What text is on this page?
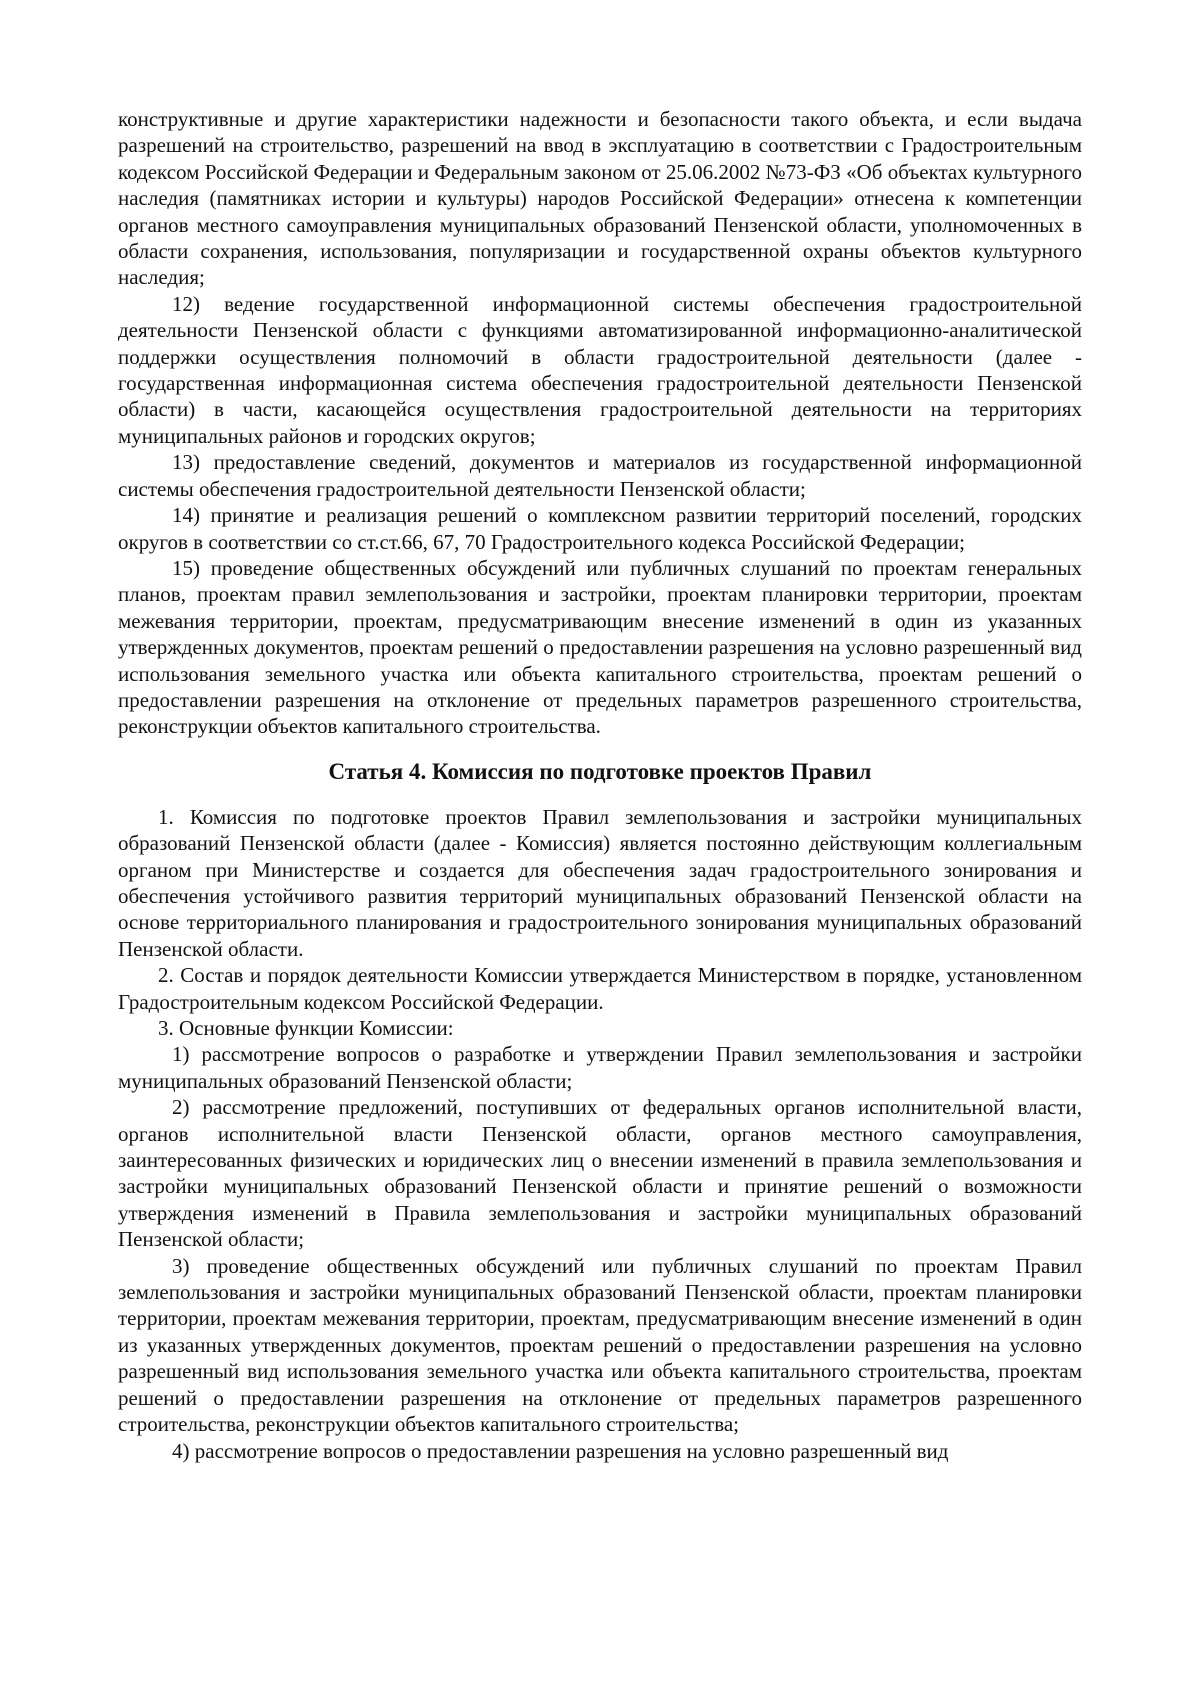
конструктивные и другие характеристики надежности и безопасности такого объекта, и если выдача разрешений на строительство, разрешений на ввод в эксплуатацию в соответствии с Градостроительным кодексом Российской Федерации и Федеральным законом от 25.06.2002 №73-ФЗ «Об объектах культурного наследия (памятниках истории и культуры) народов Российской Федерации» отнесена к компетенции органов местного самоуправления муниципальных образований Пензенской области, уполномоченных в области сохранения, использования, популяризации и государственной охраны объектов культурного наследия;

12) ведение государственной информационной системы обеспечения градостроительной деятельности Пензенской области с функциями автоматизированной информационно-аналитической поддержки осуществления полномочий в области градостроительной деятельности (далее - государственная информационная система обеспечения градостроительной деятельности Пензенской области) в части, касающейся осуществления градостроительной деятельности на территориях муниципальных районов и городских округов;

13) предоставление сведений, документов и материалов из государственной информационной системы обеспечения градостроительной деятельности Пензенской области;

14) принятие и реализация решений о комплексном развитии территорий поселений, городских округов в соответствии со ст.ст.66, 67, 70 Градостроительного кодекса Российской Федерации;

15) проведение общественных обсуждений или публичных слушаний по проектам генеральных планов, проектам правил землепользования и застройки, проектам планировки территории, проектам межевания территории, проектам, предусматривающим внесение изменений в один из указанных утвержденных документов, проектам решений о предоставлении разрешения на условно разрешенный вид использования земельного участка или объекта капитального строительства, проектам решений о предоставлении разрешения на отклонение от предельных параметров разрешенного строительства, реконструкции объектов капитального строительства.

Статья 4. Комиссия по подготовке проектов Правил

1. Комиссия по подготовке проектов Правил землепользования и застройки муниципальных образований Пензенской области (далее - Комиссия) является постоянно действующим коллегиальным органом при Министерстве и создается для обеспечения задач градостроительного зонирования и обеспечения устойчивого развития территорий муниципальных образований Пензенской области на основе территориального планирования и градостроительного зонирования муниципальных образований Пензенской области.

2. Состав и порядок деятельности Комиссии утверждается Министерством в порядке, установленном Градостроительным кодексом Российской Федерации.

3. Основные функции Комиссии:

1) рассмотрение вопросов о разработке и утверждении Правил землепользования и застройки муниципальных образований Пензенской области;

2) рассмотрение предложений, поступивших от федеральных органов исполнительной власти, органов исполнительной власти Пензенской области, органов местного самоуправления, заинтересованных физических и юридических лиц о внесении изменений в правила землепользования и застройки муниципальных образований Пензенской области и принятие решений о возможности утверждения изменений в Правила землепользования и застройки муниципальных образований Пензенской области;

3) проведение общественных обсуждений или публичных слушаний по проектам Правил землепользования и застройки муниципальных образований Пензенской области, проектам планировки территории, проектам межевания территории, проектам, предусматривающим внесение изменений в один из указанных утвержденных документов, проектам решений о предоставлении разрешения на условно разрешенный вид использования земельного участка или объекта капитального строительства, проектам решений о предоставлении разрешения на отклонение от предельных параметров разрешенного строительства, реконструкции объектов капитального строительства;

4) рассмотрение вопросов о предоставлении разрешения на условно разрешенный вид
